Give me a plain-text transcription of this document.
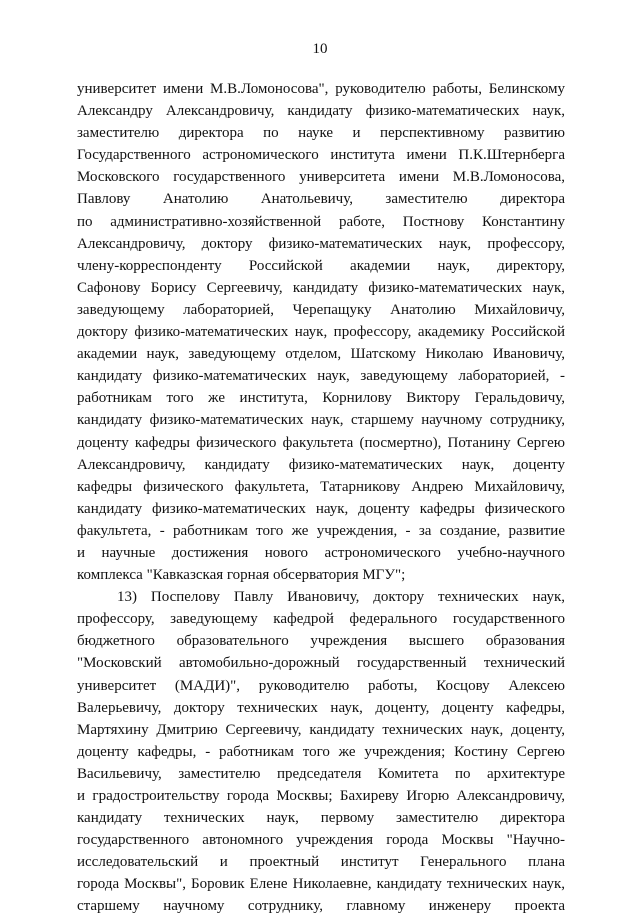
10
университет имени М.В.Ломоносова", руководителю работы, Белинскому
Александру Александровичу, кандидату физико-математических наук,
заместителю директора по науке и перспективному развитию
Государственного астрономического института имени П.К.Штернберга
Московского государственного университета имени М.В.Ломоносова,
Павлову Анатолию Анатольевичу, заместителю директора
по административно-хозяйственной работе, Постнову Константину
Александровичу, доктору физико-математических наук, профессору,
члену-корреспонденту Российской академии наук, директору,
Сафонову Борису Сергеевичу, кандидату физико-математических наук,
заведующему лабораторией, Черепащуку Анатолию Михайловичу,
доктору физико-математических наук, профессору, академику Российской
академии наук, заведующему отделом, Шатскому Николаю Ивановичу,
кандидату физико-математических наук, заведующему лабораторией, -
работникам того же института, Корнилову Виктору Геральдовичу,
кандидату физико-математических наук, старшему научному сотруднику,
доценту кафедры физического факультета (посмертно), Потанину Сергею
Александровичу, кандидату физико-математических наук, доценту
кафедры физического факультета, Татарникову Андрею Михайловичу,
кандидату физико-математических наук, доценту кафедры физического
факультета, - работникам того же учреждения, - за создание, развитие
и научные достижения нового астрономического учебно-научного
комплекса "Кавказская горная обсерватория МГУ";
13) Поспелову Павлу Ивановичу, доктору технических наук,
профессору, заведующему кафедрой федерального государственного
бюджетного образовательного учреждения высшего образования
"Московский автомобильно-дорожный государственный технический
университет (МАДИ)", руководителю работы, Косцову Алексею
Валерьевичу, доктору технических наук, доценту, доценту кафедры,
Мартяхину Дмитрию Сергеевичу, кандидату технических наук, доценту,
доценту кафедры, - работникам того же учреждения; Костину Сергею
Васильевичу, заместителю председателя Комитета по архитектуре
и градостроительству города Москвы; Бахиреву Игорю Александровичу,
кандидату технических наук, первому заместителю директора
государственного автономного учреждения города Москвы "Научно-
исследовательский и проектный институт Генерального плана
города Москвы", Боровик Елене Николаевне, кандидату технических наук,
старшему научному сотруднику, главному инженеру проекта
